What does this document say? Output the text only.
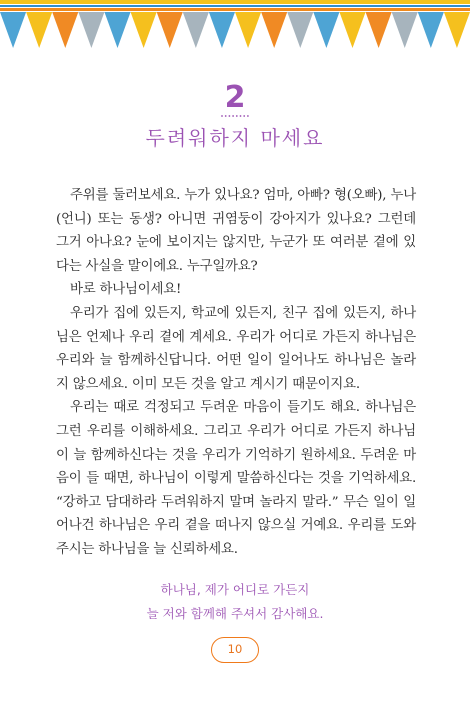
2
두려워하지 마세요

주위를 둘러보세요. 누가 있나요? 엄마, 아빠? 형(오빠), 누나(언니) 또는 동생? 아니면 귀염둥이 강아지가 있나요? 그런데 그거 아나요? 눈에 보이지는 않지만, 누군가 또 여러분 곁에 있다는 사실을 말이에요. 누구일까요?

바로 하나님이세요!

우리가 집에 있든지, 학교에 있든지, 친구 집에 있든지, 하나님은 언제나 우리 곁에 계세요. 우리가 어디로 가든지 하나님은 우리와 늘 함께하신답니다. 어떤 일이 일어나도 하나님은 놀라지 않으세요. 이미 모든 것을 알고 계시기 때문이지요.

우리는 때로 걱정되고 두려운 마음이 들기도 해요. 하나님은 그런 우리를 이해하세요. 그리고 우리가 어디로 가든지 하나님이 늘 함께하신다는 것을 우리가 기억하기 원하세요. 두려운 마음이 들 때면, 하나님이 이렇게 말씀하신다는 것을 기억하세요. “강하고 담대하라 두려워하지 말며 놀라지 말라.” 무슨 일이 일어나건 하나님은 우리 곁을 떠나지 않으실 거예요. 우리를 도와주시는 하나님을 늘 신뢰하세요.

하나님, 제가 어디로 가든지
늘 저와 함께해 주셔서 감사해요.
10
